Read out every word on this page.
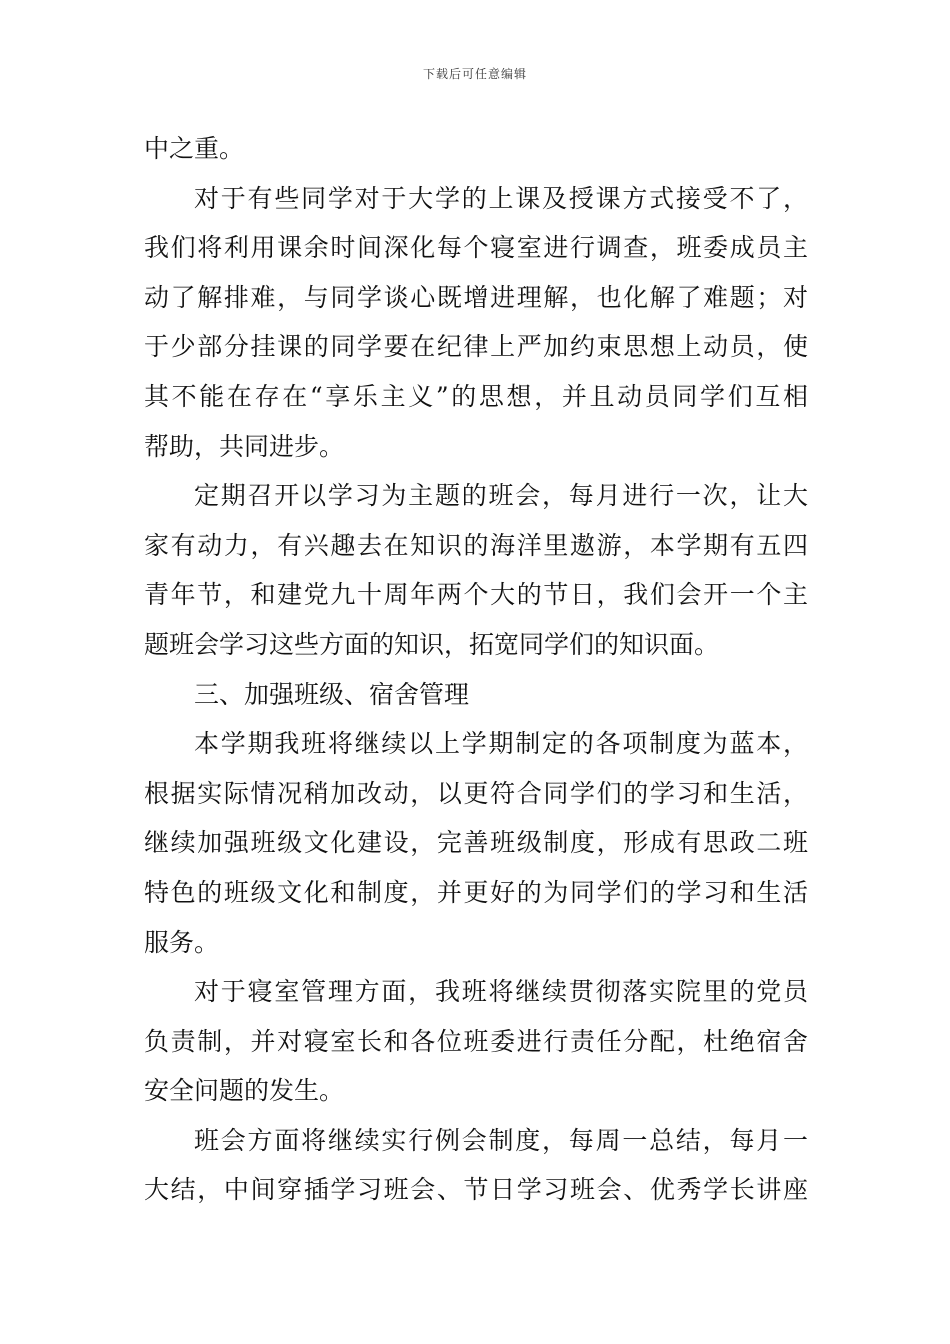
下载后可任意编辑
中之重。
对于有些同学对于大学的上课及授课方式接受不了，
我们将利用课余时间深化每个寝室进行调查，班委成员主
动了解排难，与同学谈心既增进理解，也化解了难题；对
于少部分挂课的同学要在纪律上严加约束思想上动员，使
其不能在存在“享乐主义”的思想，并且动员同学们互相
帮助，共同进步。
定期召开以学习为主题的班会，每月进行一次，让大
家有动力，有兴趣去在知识的海洋里遨游，本学期有五四
青年节，和建党九十周年两个大的节日，我们会开一个主
题班会学习这些方面的知识，拓宽同学们的知识面。
三、加强班级、宿舍管理
本学期我班将继续以上学期制定的各项制度为蓝本，
根据实际情况稍加改动，以更符合同学们的学习和生活，
继续加强班级文化建设，完善班级制度，形成有思政二班
特色的班级文化和制度，并更好的为同学们的学习和生活
服务。
对于寝室管理方面，我班将继续贯彻落实院里的党员
负责制，并对寝室长和各位班委进行责任分配，杜绝宿舍
安全问题的发生。
班会方面将继续实行例会制度，每周一总结，每月一
大结，中间穿插学习班会、节日学习班会、优秀学长讲座
